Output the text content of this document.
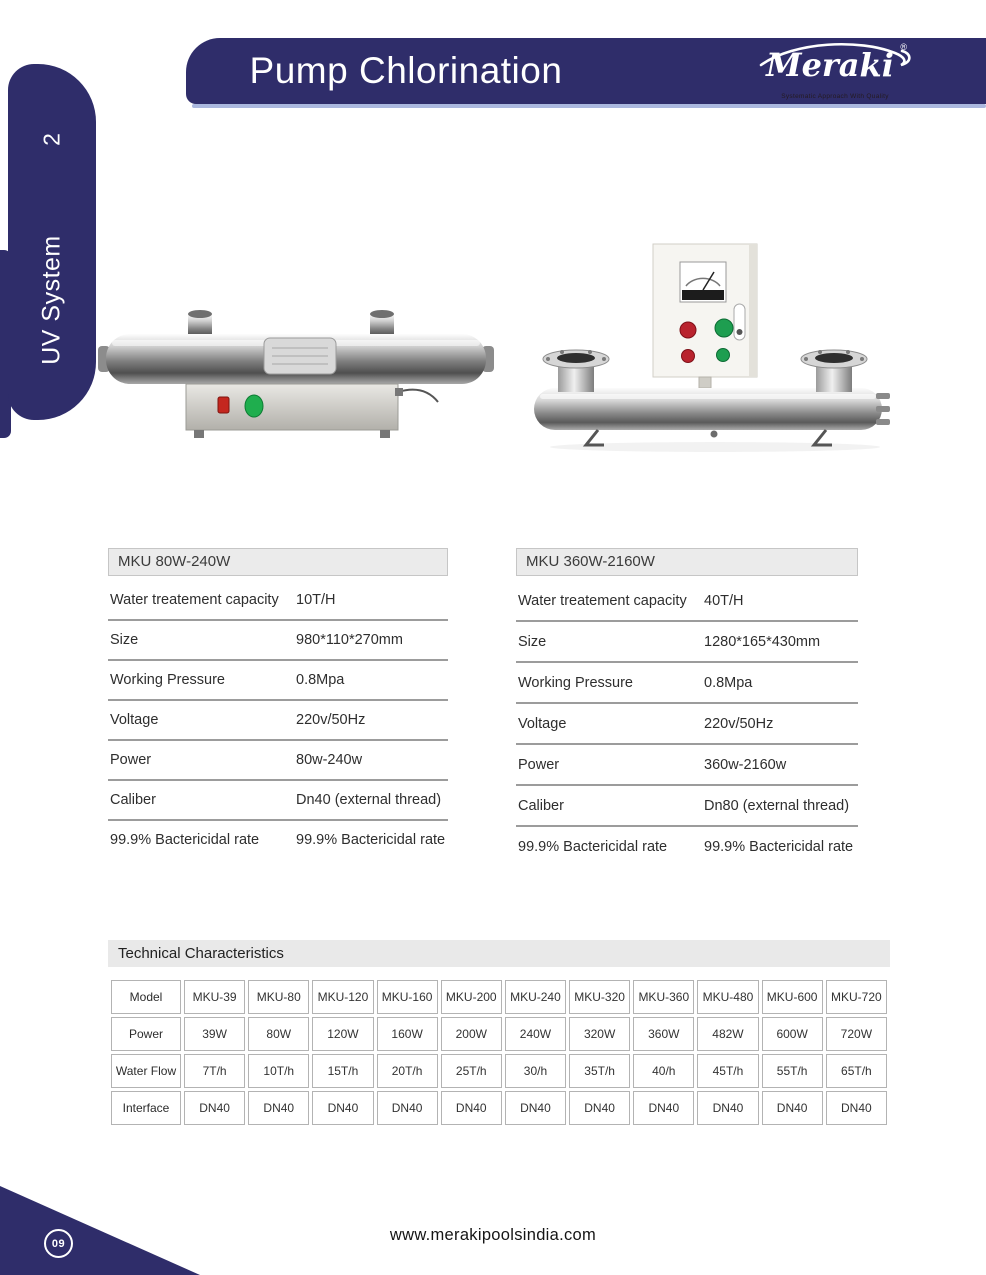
2
UV System
Pump Chlorination	Meraki ®
Systematic Approach With Quality
MKU 80W-240W
Water treatement capacity 10T/H
Size	980*110*270mm
Working Pressure	0.8Mpa
Voltage	220v/50Hz
Power	80w-240w
Caliber	Dn40 (external thread)
99.9% Bactericidal rate	99.9% Bactericidal rate
MKU 360W-2160W
Water treatement capacity 40T/H
Size	1280*165*430mm
Working Pressure	0.8Mpa
Voltage	220v/50Hz
Power	360w-2160w
Caliber	Dn80 (external thread)
99.9% Bactericidal rate	99.9% Bactericidal rate
Technical Characteristics
Model	MKU-39	MKU-80	MKU-120	MKU-160	MKU-200	MKU-240	MKU-320	MKU-360	MKU-480	MKU-600	MKU-720
Power	39W	80W	120W	160W	200W	240W	320W	360W	482W	600W	720W
Water Flow	7T/h	10T/h	15T/h	20T/h	25T/h	30/h	35T/h	40/h	45T/h	55T/h	65T/h
Interface	DN40	DN40	DN40	DN40	DN40	DN40	DN40	DN40	DN40	DN40	DN40
www.merakipoolsindia.com
09
